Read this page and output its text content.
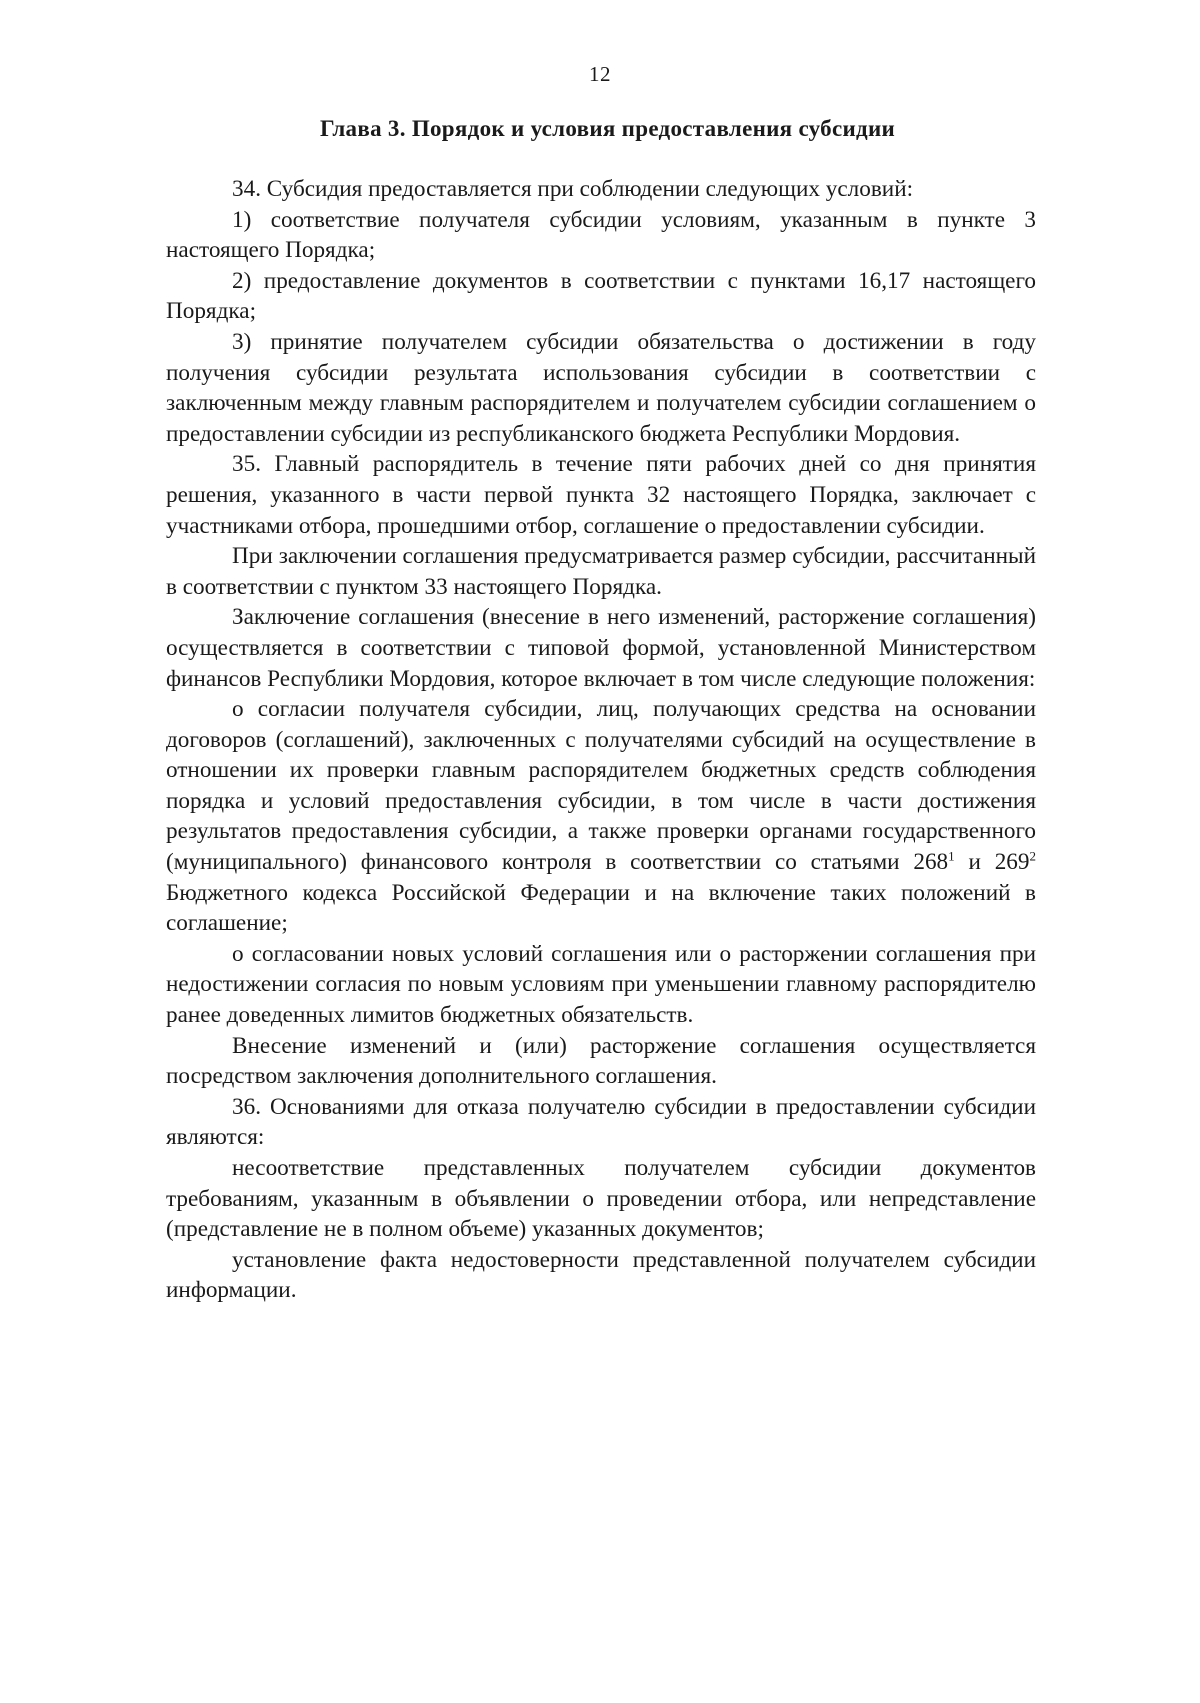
12
Глава 3. Порядок и условия предоставления субсидии

34. Субсидия предоставляется при соблюдении следующих условий:

1) соответствие получателя субсидии условиям, указанным в пункте 3 настоящего Порядка;

2) предоставление документов в соответствии с пунктами 16,17 настоящего Порядка;

3) принятие получателем субсидии обязательства о достижении в году получения субсидии результата использования субсидии в соответствии с заключенным между главным распорядителем и получателем субсидии соглашением о предоставлении субсидии из республиканского бюджета Республики Мордовия.

35. Главный распорядитель в течение пяти рабочих дней со дня принятия решения, указанного в части первой пункта 32 настоящего Порядка, заключает с участниками отбора, прошедшими отбор, соглашение о предоставлении субсидии.

При заключении соглашения предусматривается размер субсидии, рассчитанный в соответствии с пунктом 33 настоящего Порядка.

Заключение соглашения (внесение в него изменений, расторжение соглашения) осуществляется в соответствии с типовой формой, установленной Министерством финансов Республики Мордовия, которое включает в том числе следующие положения:

о согласии получателя субсидии, лиц, получающих средства на основании договоров (соглашений), заключенных с получателями субсидий на осуществление в отношении их проверки главным распорядителем бюджетных средств соблюдения порядка и условий предоставления субсидии, в том числе в части достижения результатов предоставления субсидии, а также проверки органами государственного (муниципального) финансового контроля в соответствии со статьями $268^1$ и $269^2$ Бюджетного кодекса Российской Федерации и на включение таких положений в соглашение;

о согласовании новых условий соглашения или о расторжении соглашения при недостижении согласия по новым условиям при уменьшении главному распорядителю ранее доведенных лимитов бюджетных обязательств.

Внесение изменений и (или) расторжение соглашения осуществляется посредством заключения дополнительного соглашения.

36. Основаниями для отказа получателю субсидии в предоставлении субсидии являются:

несоответствие представленных получателем субсидии документов требованиям, указанным в объявлении о проведении отбора, или непредставление (представление не в полном объеме) указанных документов;

установление факта недостоверности представленной получателем субсидии информации.
